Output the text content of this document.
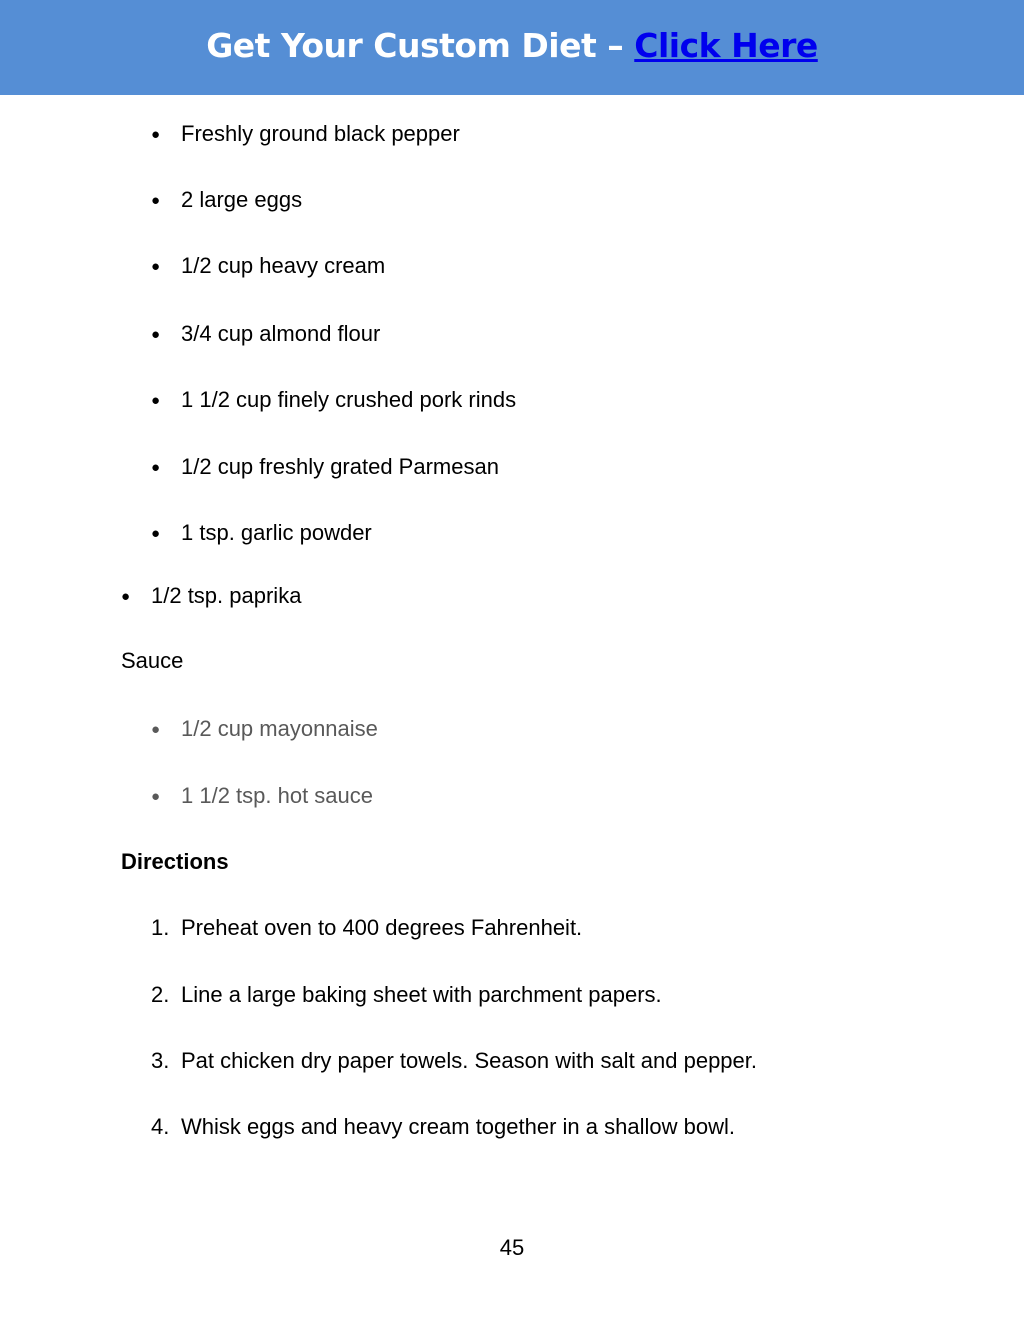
Get Your Custom Diet – Click Here
● Freshly ground black pepper
● 2 large eggs
● 1/2 cup heavy cream
● 3/4 cup almond flour
● 1 1/2 cup finely crushed pork rinds
● 1/2 cup freshly grated Parmesan
● 1 tsp. garlic powder
● 1/2 tsp. paprika
Sauce
● 1/2 cup mayonnaise
● 1 1/2 tsp. hot sauce
Directions
1. Preheat oven to 400 degrees Fahrenheit.
2. Line a large baking sheet with parchment papers.
3. Pat chicken dry paper towels. Season with salt and pepper.
4. Whisk eggs and heavy cream together in a shallow bowl.
45
